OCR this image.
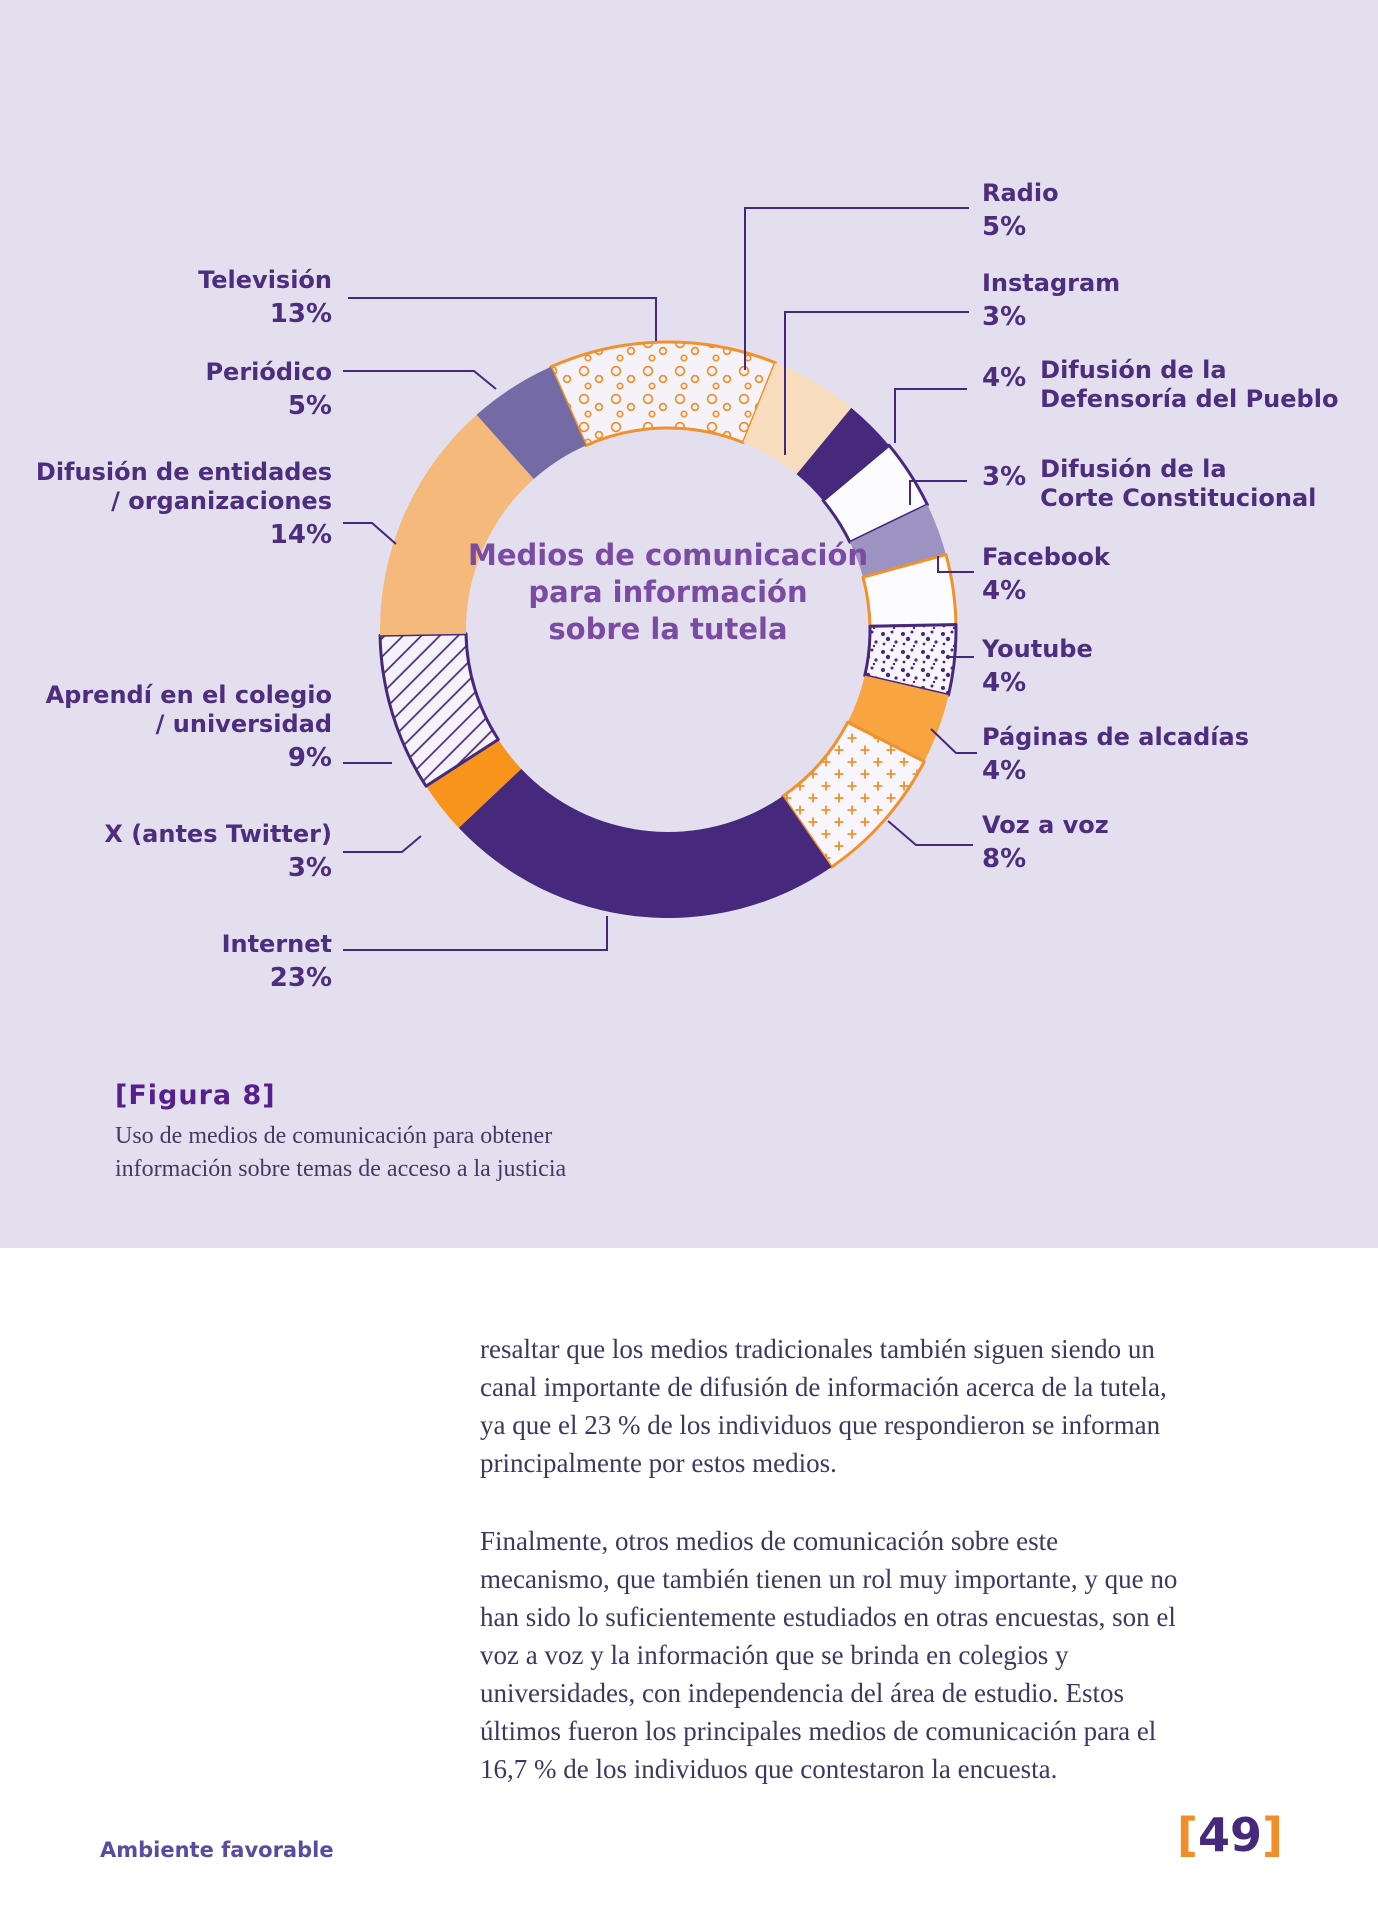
Medios de comunicación
para información
sobre la tutela
Televisión
13%
Periódico
5%
Difusión de entidades
/ organizaciones
14%
Aprendí en el colegio
/ universidad
9%
X (antes Twitter)
3%
Internet
23%
Radio
5%
Instagram
3%
4% Difusión de la
Defensoría del Pueblo
3% Difusión de la
Corte Constitucional
Facebook
4%
Youtube
4%
Páginas de alcadías
4%
Voz a voz
8%
[Figura 8]
Uso de medios de comunicación para obtener
información sobre temas de acceso a la justicia

resaltar que los medios tradicionales también siguen siendo un canal importante de difusión de información acerca de la tutela, ya que el 23 % de los individuos que respondieron se informan principalmente por estos medios.

Finalmente, otros medios de comunicación sobre este mecanismo, que también tienen un rol muy importante, y que no han sido lo suficientemente estudiados en otras encuestas, son el voz a voz y la información que se brinda en colegios y universidades, con independencia del área de estudio. Estos últimos fueron los principales medios de comunicación para el 16,7 % de los individuos que contestaron la encuesta.

Ambiente favorable	[49]
